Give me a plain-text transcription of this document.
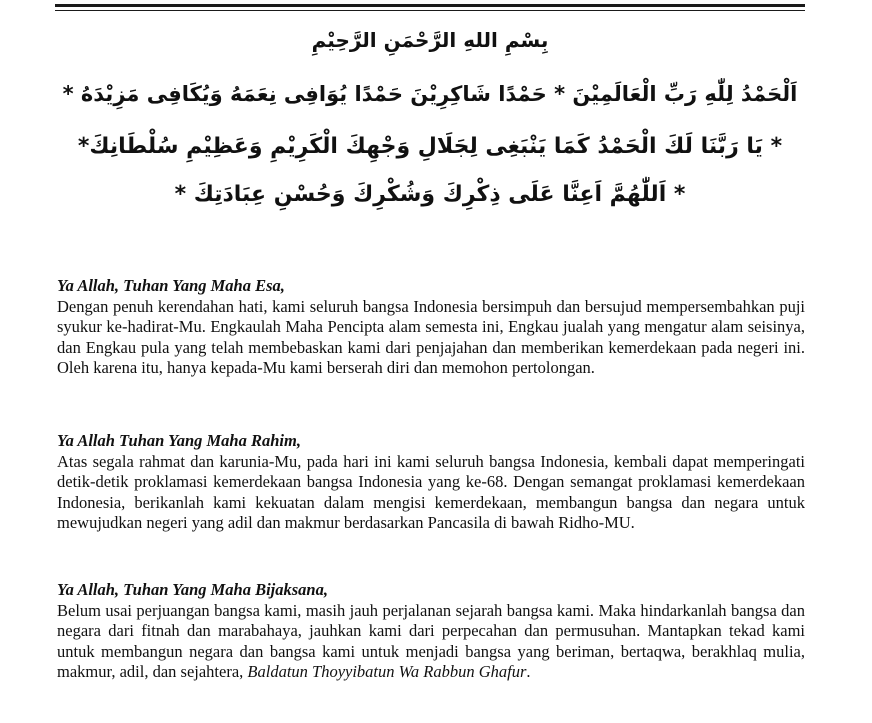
بِسْمِ اللهِ الرَّحْمَنِ الرَّحِيْمِ
اَلْحَمْدُ لِلّٰهِ رَبِّ الْعَالَمِيْنَ * حَمْدًا شَاكِرِيْنَ حَمْدًا يُوَافِى نِعَمَهُ وَيُكَافِى مَزِيْدَهُ *
* يَا رَبَّنَا لَكَ الْحَمْدُ كَمَا يَنْبَغِى لِجَلَالِ وَجْهِكَ الْكَرِيْمِ وَعَظِيْمِ سُلْطَانِكَ*
* اَللّٰهُمَّ اَعِنَّا عَلَى ذِكْرِكَ وَشُكْرِكَ وَحُسْنِ عِبَادَتِكَ *

Ya Allah, Tuhan Yang Maha Esa,

Dengan penuh kerendahan hati, kami seluruh bangsa Indonesia bersimpuh dan bersujud mempersembahkan puji syukur ke-hadirat-Mu. Engkaulah Maha Pencipta alam semesta ini, Engkau jualah yang mengatur alam seisinya, dan Engkau pula yang telah membebaskan kami dari penjajahan dan memberikan kemerdekaan pada negeri ini. Oleh karena itu, hanya kepada-Mu kami berserah diri dan memohon pertolongan.

Ya Allah Tuhan Yang Maha Rahim,

Atas segala rahmat dan karunia-Mu, pada hari ini kami seluruh bangsa Indonesia, kembali dapat memperingati detik-detik proklamasi kemerdekaan bangsa Indonesia yang ke-68. Dengan semangat proklamasi kemerdekaan Indonesia, berikanlah kami kekuatan dalam mengisi kemerdekaan, membangun bangsa dan negara untuk mewujudkan negeri yang adil dan makmur berdasarkan Pancasila di bawah Ridho-MU.

Ya Allah, Tuhan Yang Maha Bijaksana,

Belum usai perjuangan bangsa kami, masih jauh perjalanan sejarah bangsa kami. Maka hindarkanlah bangsa dan negara dari fitnah dan marabahaya, jauhkan kami dari perpecahan dan permusuhan. Mantapkan tekad kami untuk membangun negara dan bangsa kami untuk menjadi bangsa yang beriman, bertaqwa, berakhlaq mulia, makmur, adil, dan sejahtera, Baldatun Thoyyibatun Wa Rabbun Ghafur.
